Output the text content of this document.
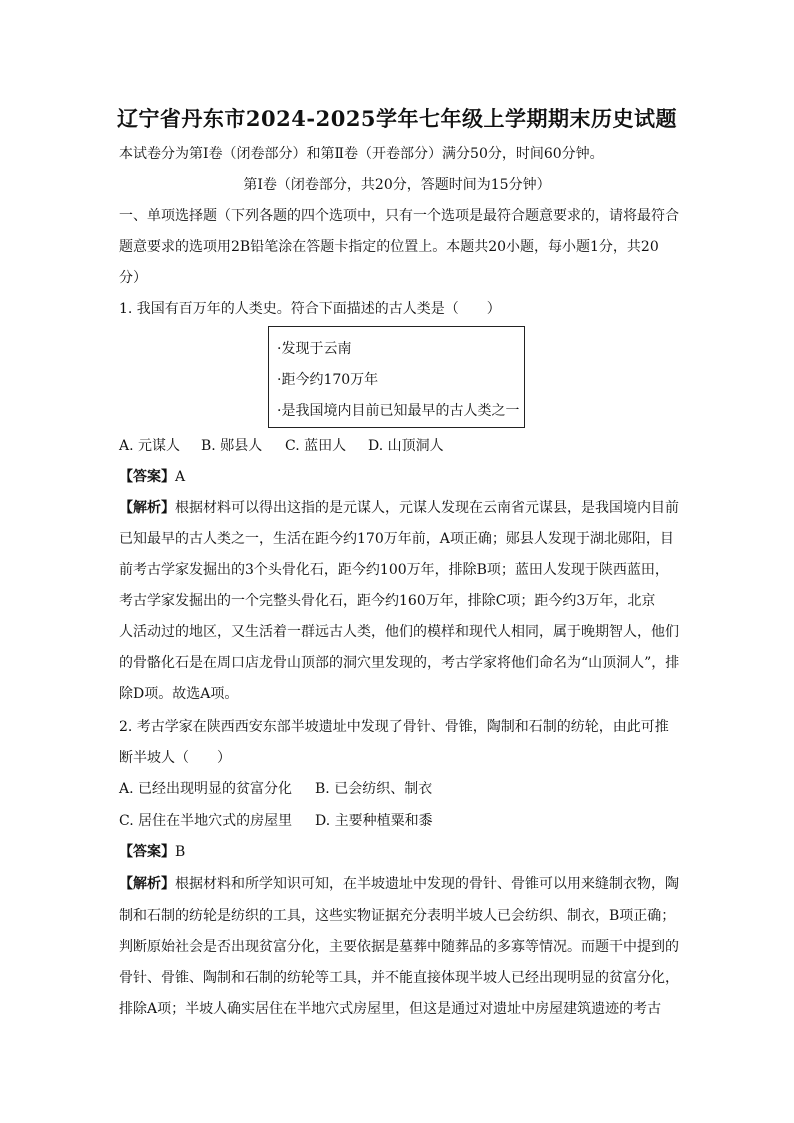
辽宁省丹东市2024-2025学年七年级上学期期末历史试题
本试卷分为第Ⅰ卷（闭卷部分）和第Ⅱ卷（开卷部分）满分50分，时间60分钟。
第Ⅰ卷（闭卷部分，共20分，答题时间为15分钟）
一、单项选择题（下列各题的四个选项中，只有一个选项是最符合题意要求的，请将最符合
题意要求的选项用2B铅笔涂在答题卡指定的位置上。本题共20小题，每小题1分，共20
分）
1. 我国有百万年的人类史。符合下面描述的古人类是（　　）
·发现于云南
·距今约170万年
·是我国境内目前已知最早的古人类之一
A. 元谋人 B. 郧县人 C. 蓝田人 D. 山顶洞人
【答案】A
【解析】根据材料可以得出这指的是元谋人，元谋人发现在云南省元谋县，是我国境内目前
已知最早的古人类之一，生活在距今约170万年前，A项正确；郧县人发现于湖北郧阳，目
前考古学家发掘出的3个头骨化石，距今约100万年，排除B项；蓝田人发现于陕西蓝田，
考古学家发掘出的一个完整头骨化石，距今约160万年，排除C项；距今约3万年，北京
人活动过的地区，又生活着一群远古人类，他们的模样和现代人相同，属于晚期智人，他们
的骨骼化石是在周口店龙骨山顶部的洞穴里发现的，考古学家将他们命名为“山顶洞人”，排
除D项。故选A项。
2. 考古学家在陕西西安东部半坡遗址中发现了骨针、骨锥，陶制和石制的纺轮，由此可推
断半坡人（　　）
A. 已经出现明显的贫富分化 B. 已会纺织、制衣
C. 居住在半地穴式的房屋里 D. 主要种植粟和黍
【答案】B
【解析】根据材料和所学知识可知，在半坡遗址中发现的骨针、骨锥可以用来缝制衣物，陶
制和石制的纺轮是纺织的工具，这些实物证据充分表明半坡人已会纺织、制衣，B项正确；
判断原始社会是否出现贫富分化，主要依据是墓葬中随葬品的多寡等情况。而题干中提到的
骨针、骨锥、陶制和石制的纺轮等工具，并不能直接体现半坡人已经出现明显的贫富分化，
排除A项；半坡人确实居住在半地穴式房屋里，但这是通过对遗址中房屋建筑遗迹的考古
